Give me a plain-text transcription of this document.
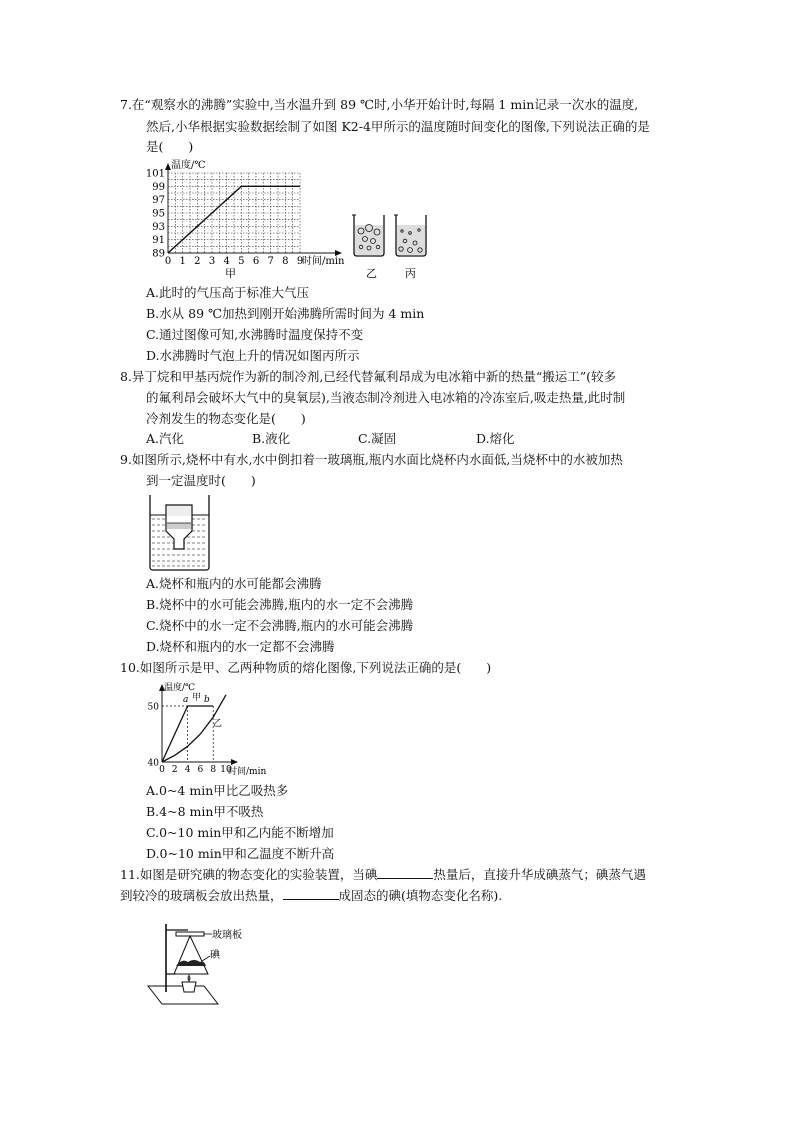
7.在“观察水的沸腾”实验中,当水温升到 89 ℃时,小华开始计时,每隔 1 min记录一次水的温度,
然后,小华根据实验数据绘制了如图 K2-4甲所示的温度随时间变化的图像,下列说法正确的是
是(　　)
101
99
97
95
93
91
89
0 1 2 3 4 5 6 7 8 9
温度/℃
时间/min
甲	乙	丙
A.此时的气压高于标准大气压
B.水从 89 ℃加热到刚开始沸腾所需时间为 4 min
C.通过图像可知,水沸腾时温度保持不变
D.水沸腾时气泡上升的情况如图丙所示
8.异丁烷和甲基丙烷作为新的制冷剂,已经代替氟利昂成为电冰箱中新的热量“搬运工”(较多
的氟利昂会破坏大气中的臭氧层),当液态制冷剂进入电冰箱的冷冻室后,吸走热量,此时制
冷剂发生的物态变化是(　　)
A.汽化	B.液化	C.凝固	D.熔化
9.如图所示,烧杯中有水,水中倒扣着一玻璃瓶,瓶内水面比烧杯内水面低,当烧杯中的水被加热
到一定温度时(　　)
A.烧杯和瓶内的水可能都会沸腾
B.烧杯中的水可能会沸腾,瓶内的水一定不会沸腾
C.烧杯中的水一定不会沸腾,瓶内的水可能会沸腾
D.烧杯和瓶内的水一定都不会沸腾
10.如图所示是甲、乙两种物质的熔化图像,下列说法正确的是(　　)
50
40
0 2 4 6 8 10
温度/℃
时间/min
a 甲 b
乙
A.0~4 min甲比乙吸热多
B.4~8 min甲不吸热
C.0~10 min甲和乙内能不断增加
D.0~10 min甲和乙温度不断升高
11.如图是研究碘的物态变化的实验装置，当碘	热量后，直接升华成碘蒸气；碘蒸气遇
到较冷的玻璃板会放出热量，	成固态的碘(填物态变化名称).
玻璃板
碘
